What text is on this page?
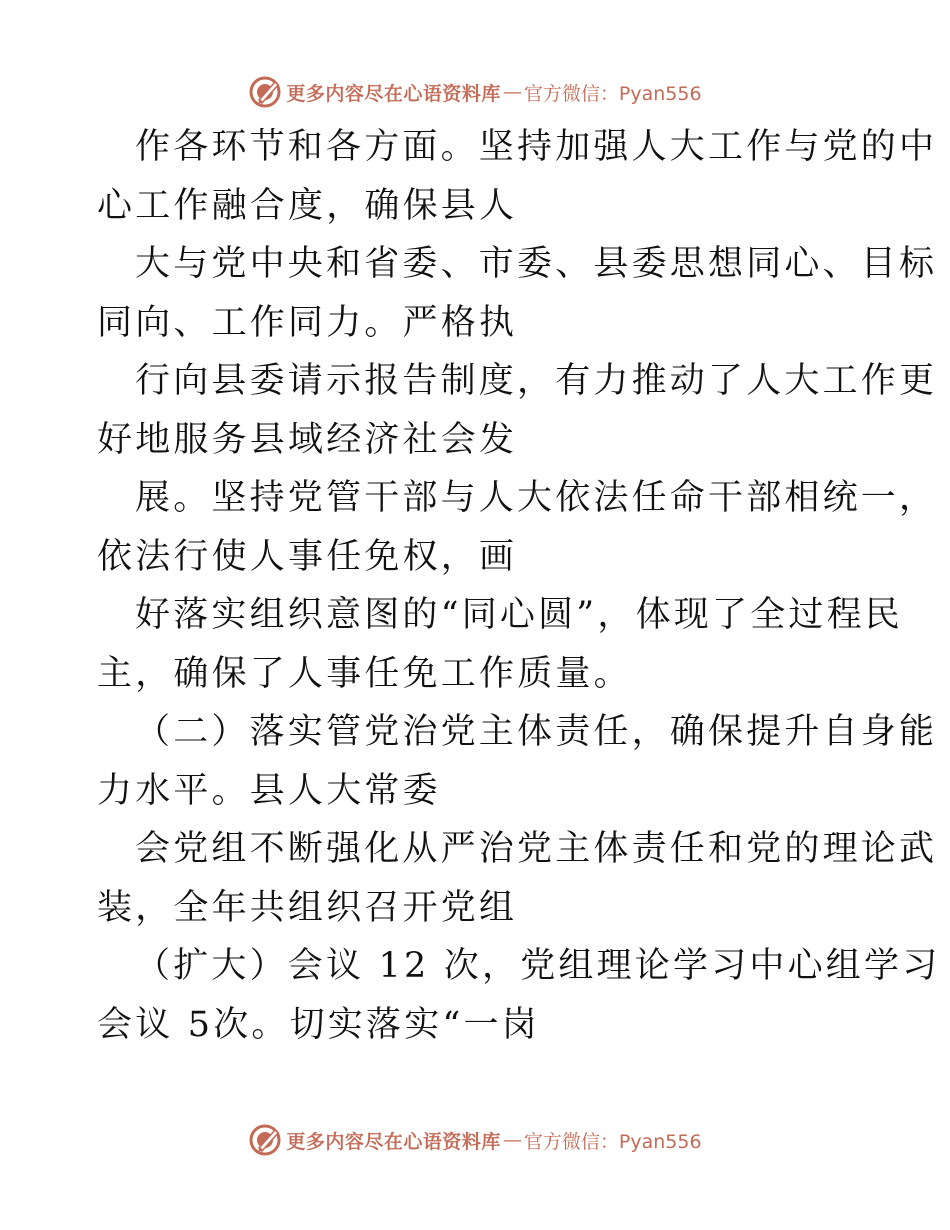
更多内容尽在心语资料库 — 官方微信：Pyan556
作各环节和各方面。坚持加强人大工作与党的中
心工作融合度，确保县人
大与党中央和省委、市委、县委思想同心、目标
同向、工作同力。严格执
行向县委请示报告制度，有力推动了人大工作更
好地服务县域经济社会发
展。坚持党管干部与人大依法任命干部相统一，
依法行使人事任免权，画
好落实组织意图的“同心圆”，体现了全过程民
主，确保了人事任免工作质量。
（二）落实管党治党主体责任，确保提升自身能
力水平。县人大常委
会党组不断强化从严治党主体责任和党的理论武
装，全年共组织召开党组
（扩大）会议 12 次，党组理论学习中心组学习
会议 5次。切实落实“一岗
更多内容尽在心语资料库 — 官方微信：Pyan556
